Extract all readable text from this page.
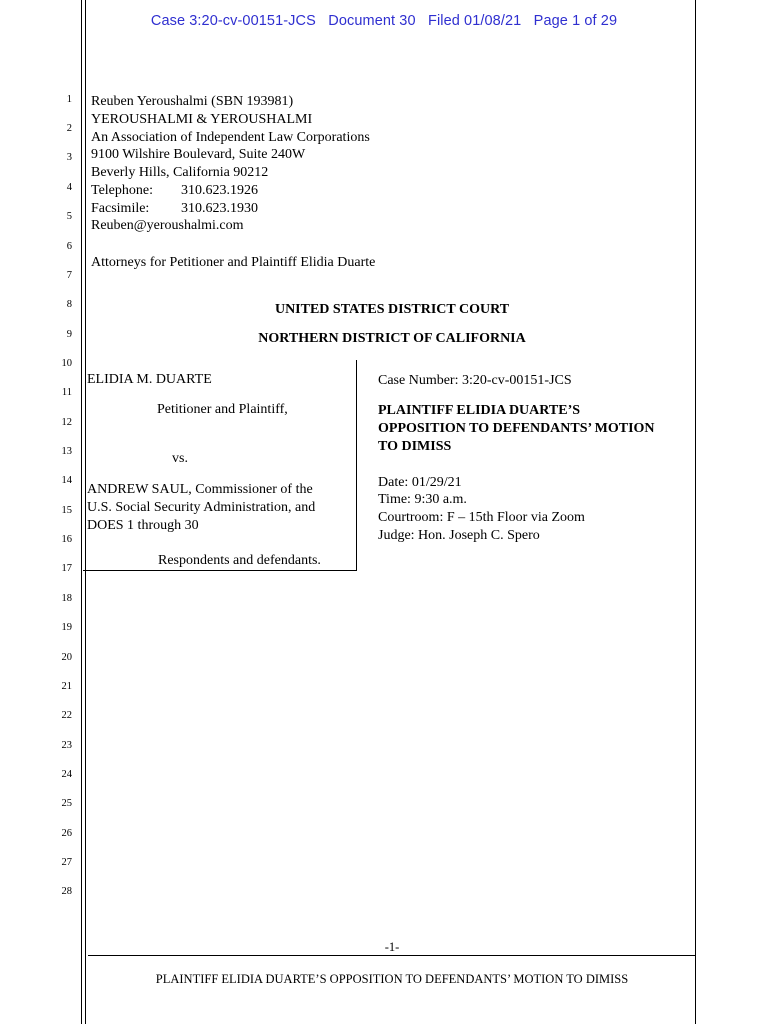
Case 3:20-cv-00151-JCS   Document 30   Filed 01/08/21   Page 1 of 29
1
2
3
4
5
6
7
8
9
10
11
12
13
14
15
16
17
18
19
20
21
22
23
24
25
26
27
28
Reuben Yeroushalmi (SBN 193981)
YEROUSHALMI & YEROUSHALMI
An Association of Independent Law Corporations
9100 Wilshire Boulevard, Suite 240W
Beverly Hills, California 90212
Telephone: 310.623.1926
Facsimile: 310.623.1930
Reuben@yeroushalmi.com
Attorneys for Petitioner and Plaintiff Elidia Duarte
UNITED STATES DISTRICT COURT
NORTHERN DISTRICT OF CALIFORNIA
ELIDIA M. DUARTE
Petitioner and Plaintiff,
vs.
ANDREW SAUL, Commissioner of the
U.S. Social Security Administration, and
DOES 1 through 30
Respondents and defendants.
Case Number: 3:20-cv-00151-JCS
PLAINTIFF ELIDIA DUARTE’S
OPPOSITION TO DEFENDANTS’ MOTION
TO DIMISS
Date: 01/29/21
Time: 9:30 a.m.
Courtroom: F – 15th Floor via Zoom
Judge: Hon. Joseph C. Spero
-1-
PLAINTIFF ELIDIA DUARTE’S OPPOSITION TO DEFENDANTS’ MOTION TO DIMISS
